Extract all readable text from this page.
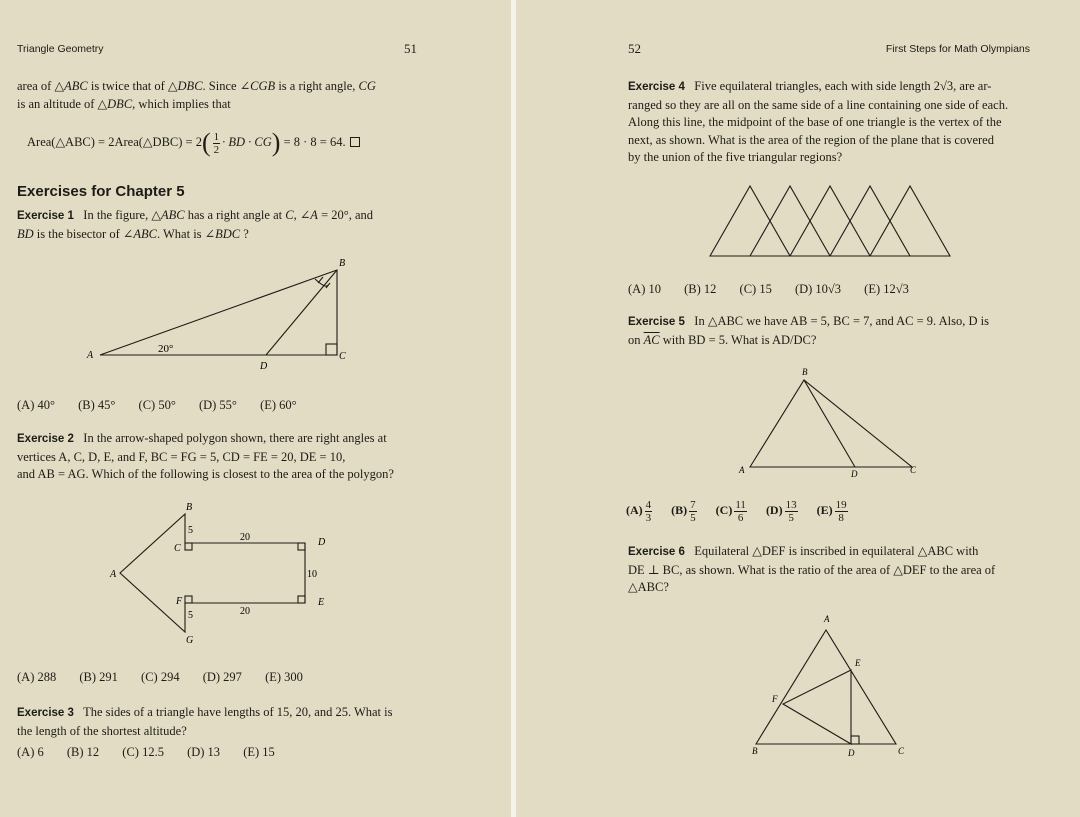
Triangle Geometry	51
area of △ABC is twice that of △DBC. Since ∠CGB is a right angle, CG
is an altitude of △DBC, which implies that
Area(△ABC) = 2Area(△DBC) = $2( \frac{1}{2}$ · BD · CG) = 8 · 8 = 64.
Exercises for Chapter 5
Exercise 1 In the figure, △ABC has a right angle at C, ∠A = 20°, and
BD is the bisector of ∠ABC. What is ∠BDC ?
A
B
C
D
20°
(A) 40° (B) 45° (C) 50° (D) 55° (E) 60°
Exercise 2 In the arrow-shaped polygon shown, there are right angles at
vertices A, C, D, E, and F, BC = FG = 5, CD = FE = 20, DE = 10,
and AB = AG. Which of the following is closest to the area of the polygon?
A
B
C
D
E
F
G
5
20
10
5	20
(A) 288 (B) 291 (C) 294 (D) 297 (E) 300
Exercise 3 The sides of a triangle have lengths of 15, 20, and 25. What is
the length of the shortest altitude?
(A) 6 (B) 12 (C) 12.5 (D) 13 (E) 15
52	First Steps for Math Olympians
Exercise 4 Five equilateral triangles, each with side length 2√3, are ar-
ranged so they are all on the same side of a line containing one side of each.
Along this line, the midpoint of the base of one triangle is the vertex of the
next, as shown. What is the area of the region of the plane that is covered
by the union of the five triangular regions?
(A) 10 (B) 12 (C) 15 (D) 10√3 (E) 12√3
Exercise 5 In △ABC we have AB = 5, BC = 7, and AC = 9. Also, D is
on $\overline{AC}$ with BD = 5. What is AD/DC?
A
B
C
D
$(A) \frac{4}{3} (B) \frac{7}{5} (C) \frac{11}{6} (D) \frac{13}{5} (E) \frac{19}{8}$
Exercise 6 Equilateral △DEF is inscribed in equilateral △ABC with
DE ⊥ BC, as shown. What is the ratio of the area of △DEF to the area of
△ABC?
A
B	C
D
E
F
